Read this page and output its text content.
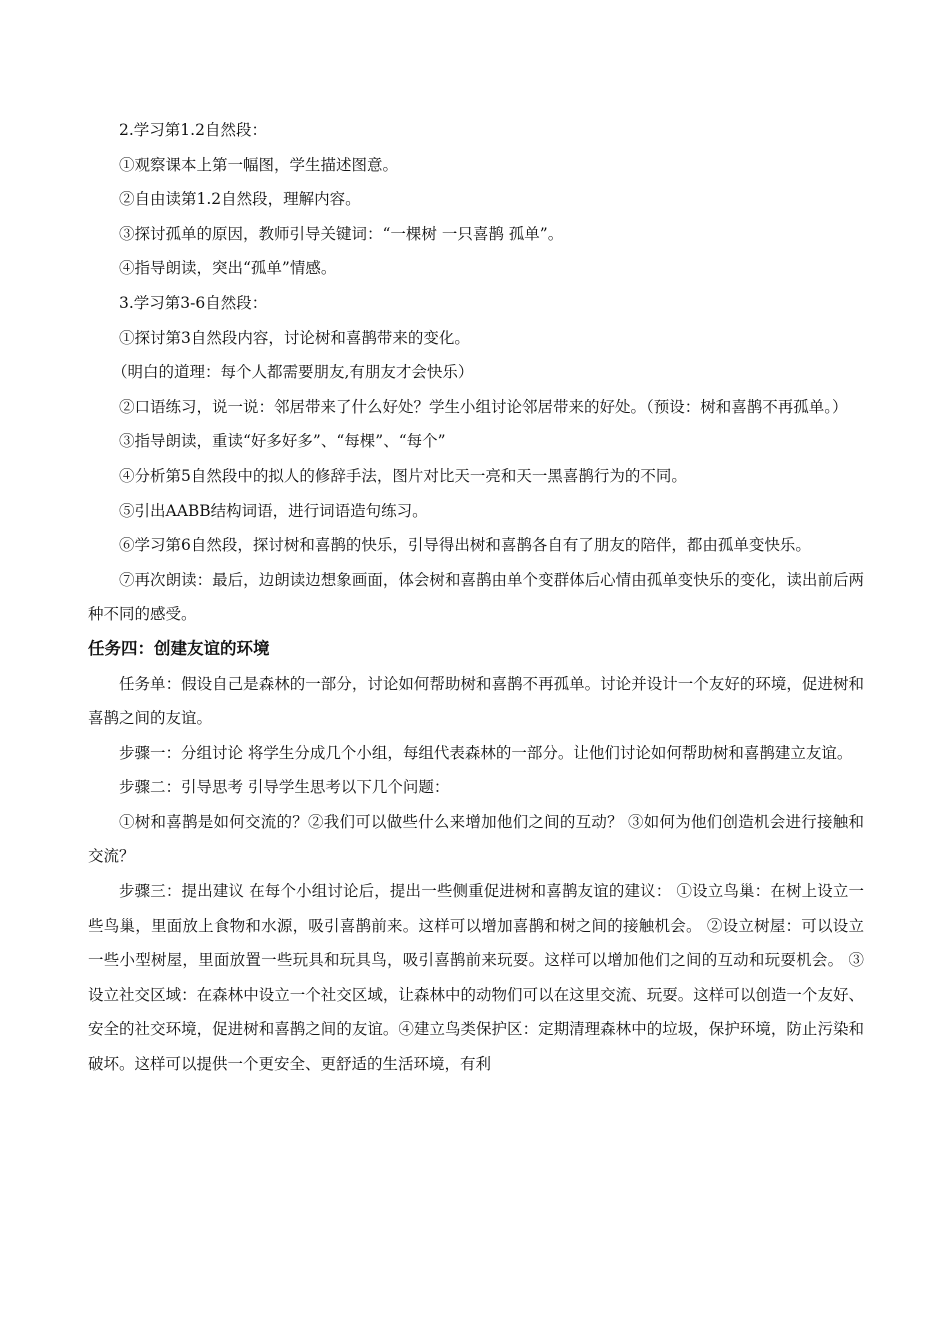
2.学习第1.2自然段：

①观察课本上第一幅图，学生描述图意。

②自由读第1.2自然段，理解内容。

③探讨孤单的原因，教师引导关键词：“一棵树 一只喜鹊 孤单”。

④指导朗读，突出“孤单”情感。

3.学习第3-6自然段：

①探讨第3自然段内容，讨论树和喜鹊带来的变化。

（明白的道理：每个人都需要朋友,有朋友才会快乐）

②口语练习，说一说：邻居带来了什么好处？学生小组讨论邻居带来的好处。（预设：树和喜鹊不再孤单。）

③指导朗读，重读“好多好多”、“每棵”、“每个”

④分析第5自然段中的拟人的修辞手法，图片对比天一亮和天一黑喜鹊行为的不同。

⑤引出AABB结构词语，进行词语造句练习。

⑥学习第6自然段，探讨树和喜鹊的快乐，引导得出树和喜鹊各自有了朋友的陪伴，都由孤单变快乐。

⑦再次朗读：最后，边朗读边想象画面，体会树和喜鹊由单个变群体后心情由孤单变快乐的变化，读出前后两种不同的感受。

任务四：创建友谊的环境

任务单：假设自己是森林的一部分，讨论如何帮助树和喜鹊不再孤单。讨论并设计一个友好的环境，促进树和喜鹊之间的友谊。

步骤一：分组讨论 将学生分成几个小组，每组代表森林的一部分。让他们讨论如何帮助树和喜鹊建立友谊。

步骤二：引导思考 引导学生思考以下几个问题：

①树和喜鹊是如何交流的？②我们可以做些什么来增加他们之间的互动？ ③如何为他们创造机会进行接触和交流？

步骤三：提出建议 在每个小组讨论后，提出一些侧重促进树和喜鹊友谊的建议： ①设立鸟巢：在树上设立一些鸟巢，里面放上食物和水源，吸引喜鹊前来。这样可以增加喜鹊和树之间的接触机会。 ②设立树屋：可以设立一些小型树屋，里面放置一些玩具和玩具鸟，吸引喜鹊前来玩耍。这样可以增加他们之间的互动和玩耍机会。 ③ 设立社交区域：在森林中设立一个社交区域，让森林中的动物们可以在这里交流、玩耍。这样可以创造一个友好、安全的社交环境，促进树和喜鹊之间的友谊。④建立鸟类保护区：定期清理森林中的垃圾，保护环境，防止污染和破坏。这样可以提供一个更安全、更舒适的生活环境，有利
